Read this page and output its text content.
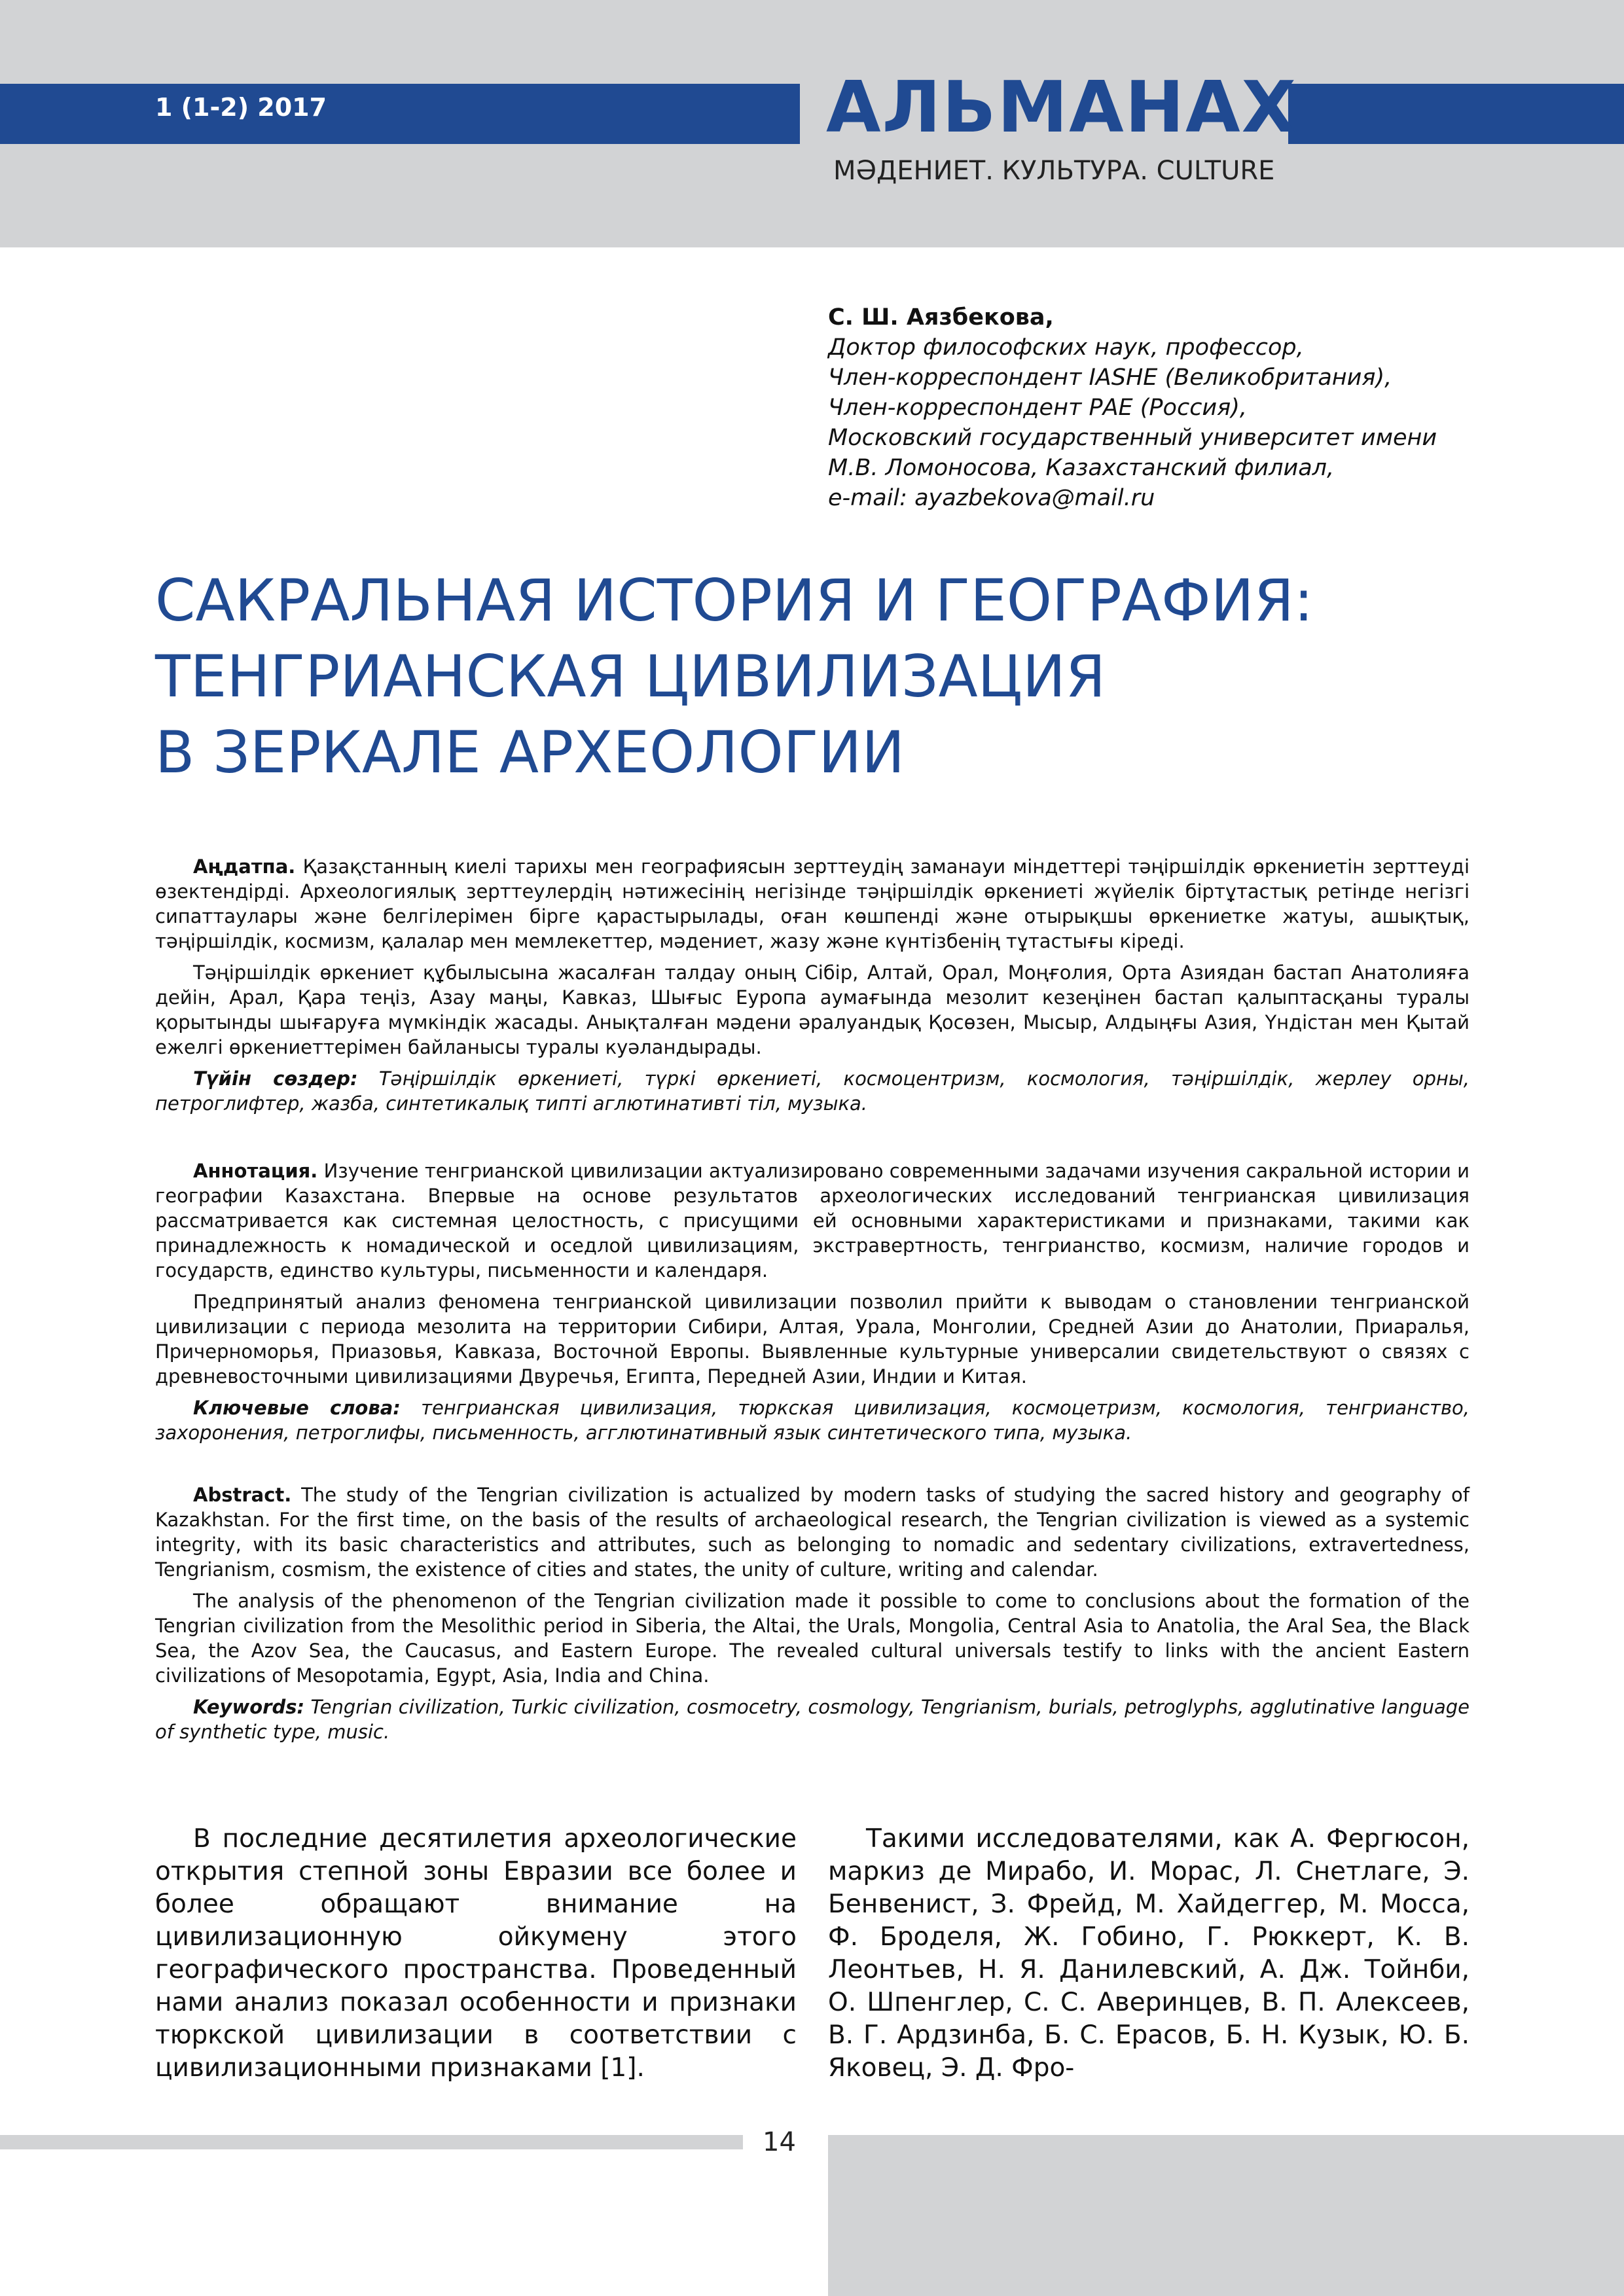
1 (1-2) 2017	АЛЬМАНАХ
МӘДЕНИЕТ. КУЛЬТУРА. CULTURE
С. Ш. Аязбекова,
Доктор философских наук, профессор,
Член-корреспондент IASHE (Великобритания),
Член-корреспондент РАЕ (Россия),
Московский государственный университет имени
М.В. Ломоносова, Казахстанский филиал,
e-mail: ayazbekova@mail.ru
САКРАЛЬНАЯ ИСТОРИЯ И ГЕОГРАФИЯ:
ТЕНГРИАНСКАЯ ЦИВИЛИЗАЦИЯ
В ЗЕРКАЛЕ АРХЕОЛОГИИ

Аңдатпа. Қазақстанның киелі тарихы мен географиясын зерттеудің заманауи міндеттері тәңіршілдік өркениетін зерттеуді өзектендірді. Археологиялық зерттеулердің нәтижесінің негізінде тәңіршілдік өркениеті жүйелік біртұтастық ретінде негізгі сипаттаулары және белгілерімен бірге қарастырылады, оған көшпенді және отырықшы өркениетке жатуы, ашықтық, тәңіршілдік, космизм, қалалар мен мемлекеттер, мәдениет, жазу және күнтізбенің тұтастығы кіреді.

Тәңіршілдік өркениет құбылысына жасалған талдау оның Сібір, Алтай, Орал, Моңғолия, Орта Азиядан бастап Анатолияға дейін, Арал, Қара теңіз, Азау маңы, Кавказ, Шығыс Еуропа аумағында мезолит кезеңінен бастап қалыптасқаны туралы қорытынды шығаруға мүмкіндік жасады. Анықталған мәдени әралуандық Қосөзен, Мысыр, Алдыңғы Азия, Үндістан мен Қытай ежелгі өркениеттерімен байланысы туралы куәландырады.

Түйін сөздер: Тәңіршілдік өркениеті, түркі өркениеті, космоцентризм, космология, тәңіршілдік, жерлеу орны, петроглифтер, жазба, синтетикалық типті аглютинативті тіл, музыка.

Аннотация. Изучение тенгрианской цивилизации актуализировано современными задачами изучения сакральной истории и географии Казахстана. Впервые на основе результатов археологических исследований тенгрианская цивилизация рассматривается как системная целостность, с присущими ей основными характеристиками и признаками, такими как принадлежность к номадической и оседлой цивилизациям, экстравертность, тенгрианство, космизм, наличие городов и государств, единство культуры, письменности и календаря.

Предпринятый анализ феномена тенгрианской цивилизации позволил прийти к выводам о становлении тенгрианской цивилизации с периода мезолита на территории Сибири, Алтая, Урала, Монголии, Средней Азии до Анатолии, Приаралья, Причерноморья, Приазовья, Кавказа, Восточной Европы. Выявленные культурные универсалии свидетельствуют о связях с древневосточными цивилизациями Двуречья, Египта, Передней Азии, Индии и Китая.

Ключевые слова: тенгрианская цивилизация, тюркская цивилизация, космоцетризм, космология, тенгрианство, захоронения, петроглифы, письменность, агглютинативный язык синтетического типа, музыка.

Abstract. The study of the Tengrian civilization is actualized by modern tasks of studying the sacred history and geography of Kazakhstan. For the first time, on the basis of the results of archaeological research, the Tengrian civilization is viewed as a systemic integrity, with its basic characteristics and attributes, such as belonging to nomadic and sedentary civilizations, extravertedness, Tengrianism, cosmism, the existence of cities and states, the unity of culture, writing and calendar.

The analysis of the phenomenon of the Tengrian civilization made it possible to come to conclusions about the formation of the Tengrian civilization from the Mesolithic period in Siberia, the Altai, the Urals, Mongolia, Central Asia to Anatolia, the Aral Sea, the Black Sea, the Azov Sea, the Caucasus, and Eastern Europe. The revealed cultural universals testify to links with the ancient Eastern civilizations of Mesopotamia, Egypt, Asia, India and China.

Keywords: Tengrian civilization, Turkic civilization, cosmocetry, cosmology, Tengrianism, burials, petroglyphs, agglutinative language of synthetic type, music.

В последние десятилетия археологические открытия степной зоны Евразии все более и более обращают внимание на цивилизационную ойкумену этого географического пространства. Проведенный нами анализ показал особенности и признаки тюркской цивилизации в соответствии с цивилизационными признаками [1].

Такими исследователями, как А. Фергюсон, маркиз де Мирабо, И. Морас, Л. Снетлаге, Э. Бенвенист, З. Фрейд, М. Хайдеггер, М. Мосса, Ф. Броделя, Ж. Гобино, Г. Рюккерт, К. В. Леонтьев, Н. Я. Данилевский, А. Дж. Тойнби, О. Шпенглер, С. С. Аверинцев, В. П. Алексеев, В. Г. Ардзинба, Б. С. Ерасов, Б. Н. Кузык, Ю. Б. Яковец, Э. Д. Фро-

14
